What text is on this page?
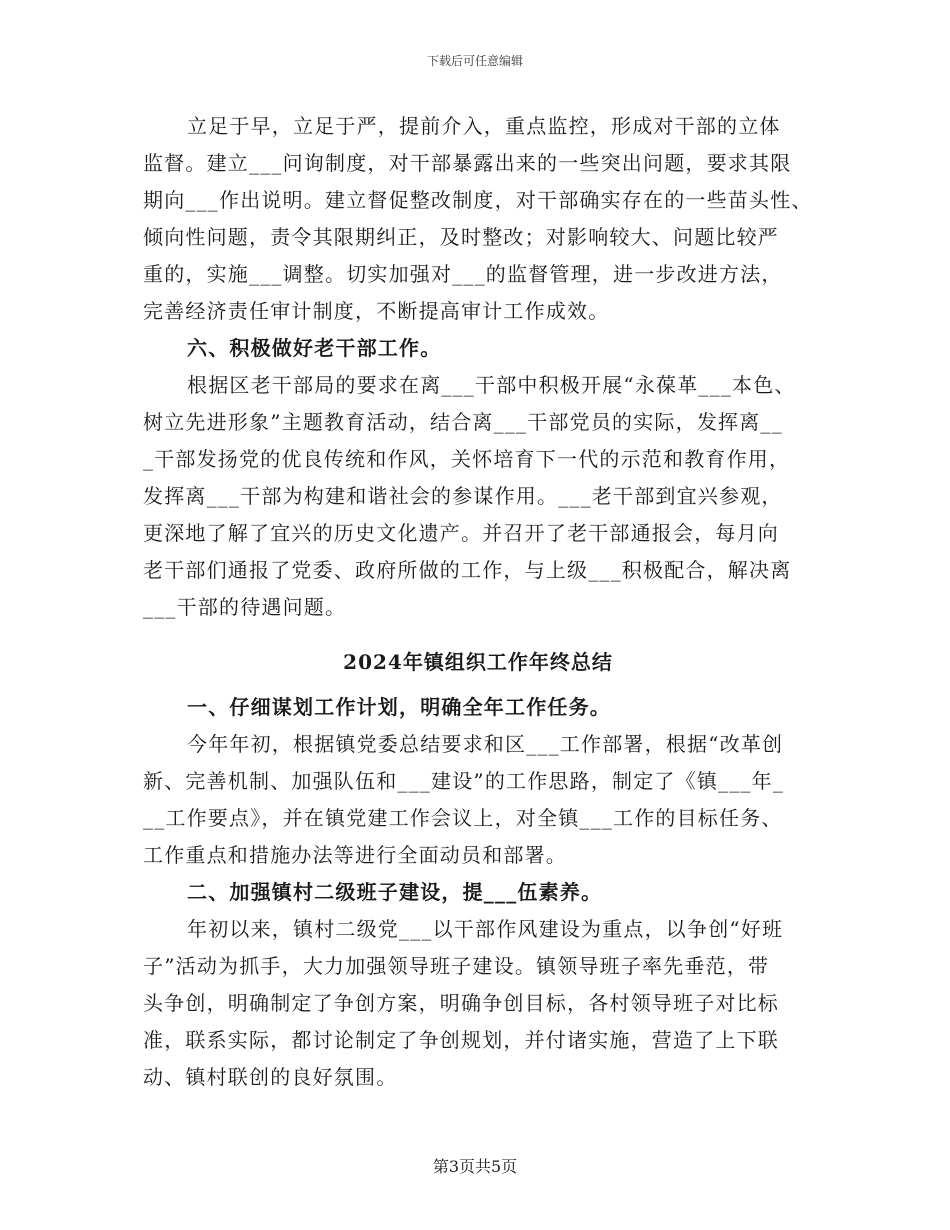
下载后可任意编辑
立足于早，立足于严，提前介入，重点监控，形成对干部的立体
监督。建立___问询制度，对干部暴露出来的一些突出问题，要求其限
期向___作出说明。建立督促整改制度，对干部确实存在的一些苗头性、
倾向性问题，责令其限期纠正，及时整改；对影响较大、问题比较严
重的，实施___调整。切实加强对___的监督管理，进一步改进方法，
完善经济责任审计制度，不断提高审计工作成效。
六、积极做好老干部工作。
根据区老干部局的要求在离___干部中积极开展“永葆革___本色、
树立先进形象”主题教育活动，结合离___干部党员的实际，发挥离__
_干部发扬党的优良传统和作风，关怀培育下一代的示范和教育作用，
发挥离___干部为构建和谐社会的参谋作用。___老干部到宜兴参观，
更深地了解了宜兴的历史文化遗产。并召开了老干部通报会，每月向
老干部们通报了党委、政府所做的工作，与上级___积极配合，解决离
___干部的待遇问题。
2024年镇组织工作年终总结
一、仔细谋划工作计划，明确全年工作任务。
今年年初，根据镇党委总结要求和区___工作部署，根据“改革创
新、完善机制、加强队伍和___建设”的工作思路，制定了《镇___年_
__工作要点》，并在镇党建工作会议上，对全镇___工作的目标任务、
工作重点和措施办法等进行全面动员和部署。
二、加强镇村二级班子建设，提___伍素养。
年初以来，镇村二级党___以干部作风建设为重点，以争创“好班
子”活动为抓手，大力加强领导班子建设。镇领导班子率先垂范，带
头争创，明确制定了争创方案，明确争创目标，各村领导班子对比标
准，联系实际，都讨论制定了争创规划，并付诸实施，营造了上下联
动、镇村联创的良好氛围。
第3页共5页
